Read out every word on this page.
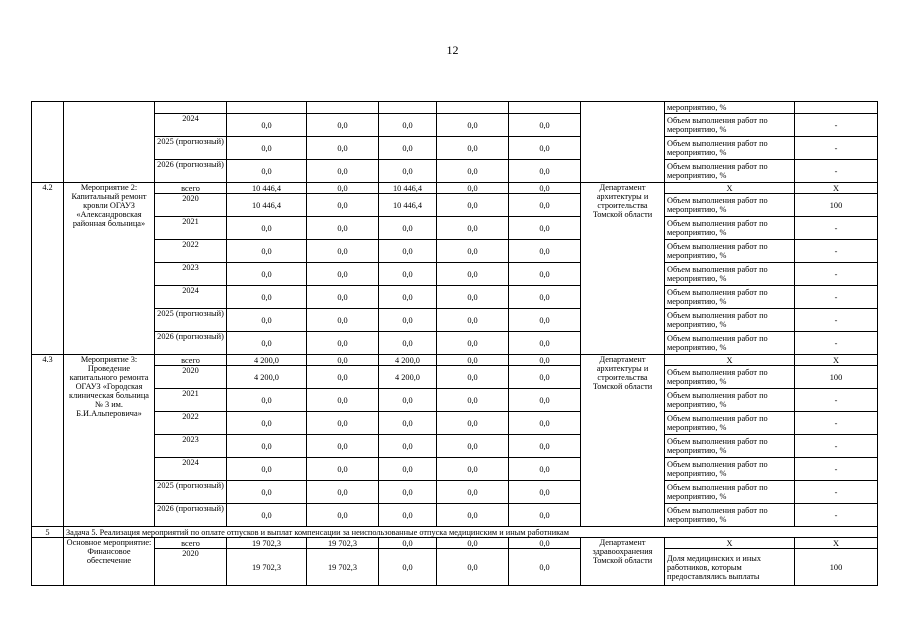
12
									мероприятию, %	
		2024	0,0	0,0	0,0	0,0	0,0		Объем выполнения работ по мероприятию, %	-
		2025 (прогнозный)	0,0	0,0	0,0	0,0	0,0		Объем выполнения работ по мероприятию, %	-
		2026 (прогнозный)	0,0	0,0	0,0	0,0	0,0		Объем выполнения работ по мероприятию, %	-
4.2	Мероприятие 2: Капитальный ремонт кровли ОГАУЗ «Александровская районная больница»	всего	10 446,4	0,0	10 446,4	0,0	0,0	Департамент архитектуры и строительства Томской области	Х	Х
		2020	10 446,4	0,0	10 446,4	0,0	0,0		Объем выполнения работ по мероприятию, %	100
		2021	0,0	0,0	0,0	0,0	0,0		Объем выполнения работ по мероприятию, %	-
		2022	0,0	0,0	0,0	0,0	0,0		Объем выполнения работ по мероприятию, %	-
		2023	0,0	0,0	0,0	0,0	0,0		Объем выполнения работ по мероприятию, %	-
		2024	0,0	0,0	0,0	0,0	0,0		Объем выполнения работ по мероприятию, %	-
		2025 (прогнозный)	0,0	0,0	0,0	0,0	0,0		Объем выполнения работ по мероприятию, %	-
		2026 (прогнозный)	0,0	0,0	0,0	0,0	0,0		Объем выполнения работ по мероприятию, %	-
4.3	Мероприятие 3: Проведение капитального ремонта ОГАУЗ «Городская клиническая больница № 3 им. Б.И.Альперовича»	всего	4 200,0	0,0	4 200,0	0,0	0,0	Департамент архитектуры и строительства Томской области	Х	Х
		2020	4 200,0	0,0	4 200,0	0,0	0,0		Объем выполнения работ по мероприятию, %	100
		2021	0,0	0,0	0,0	0,0	0,0		Объем выполнения работ по мероприятию, %	-
		2022	0,0	0,0	0,0	0,0	0,0		Объем выполнения работ по мероприятию, %	-
		2023	0,0	0,0	0,0	0,0	0,0		Объем выполнения работ по мероприятию, %	-
		2024	0,0	0,0	0,0	0,0	0,0		Объем выполнения работ по мероприятию, %	-
		2025 (прогнозный)	0,0	0,0	0,0	0,0	0,0		Объем выполнения работ по мероприятию, %	-
		2026 (прогнозный)	0,0	0,0	0,0	0,0	0,0		Объем выполнения работ по мероприятию, %	-
5	Задача 5. Реализация мероприятий по оплате отпусков и выплат компенсации за неиспользованные отпуска медицинским и иным работникам									
	Основное мероприятие: Финансовое обеспечение	всего	19 702,3	19 702,3	0,0	0,0	0,0	Департамент здравоохранения Томской области	Х	Х
		2020	19 702,3	19 702,3	0,0	0,0	0,0		Доля медицинских и иных работников, которым предоставлялись выплаты	100
